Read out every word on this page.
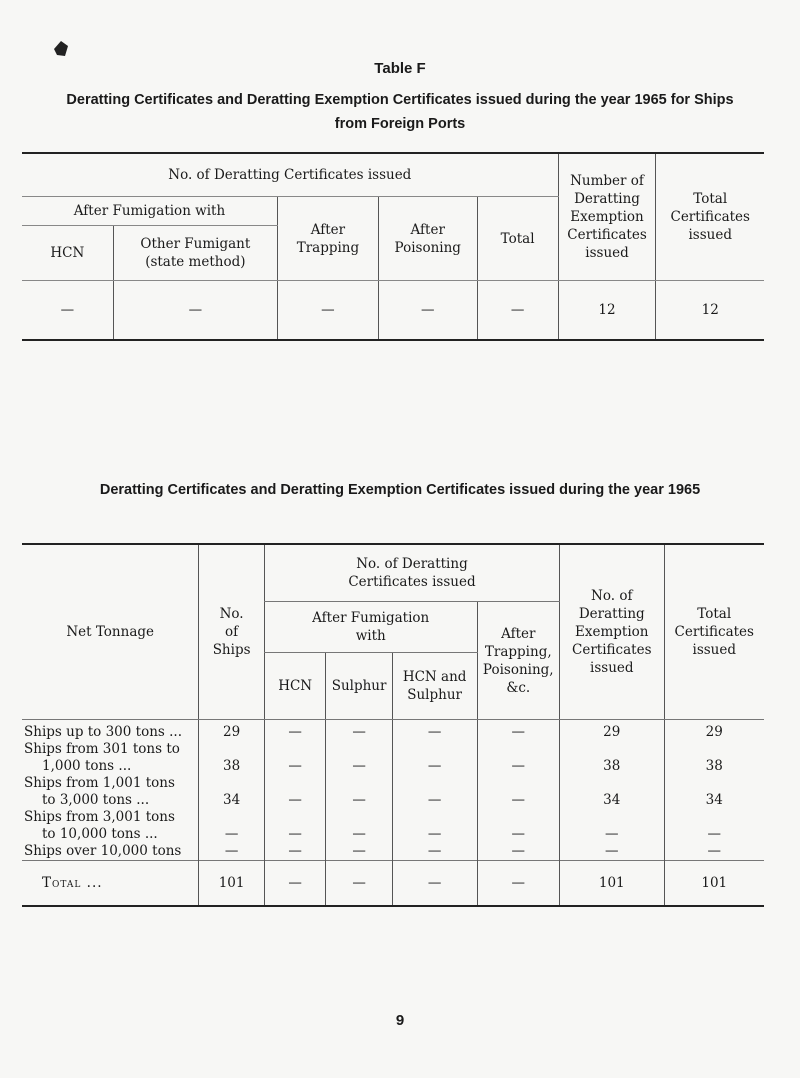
Table F
Deratting Certificates and Deratting Exemption Certificates issued during the year 1965 for Ships from Foreign Ports
No. of Deratting Certificates issued					Number of Deratting Exemption Certificates issued	Total Certificates issued
After Fumigation with		After Trapping	After Poisoning	Total		
HCN	Other Fumigant (state method)					
—	—	—	—	—	12	12
Deratting Certificates and Deratting Exemption Certificates issued during the year 1965
Net Tonnage	No. of Ships	No. of Deratting Certificates issued				No. of Deratting Exemption Certificates issued	Total Certificates issued
		After Fumigation with			After Trapping, Poisoning, &c.		
		HCN	Sulphur	HCN and Sulphur			

Ships up to 300 tons ...	29	—	—	—	—	29	29

Ships from 301 tons to
1,000 tons ...	38	—	—	—	—	38	38

Ships from 1,001 tons
to 3,000 tons ...	34	—	—	—	—	34	34

Ships from 3,001 tons
to 10,000 tons ...	—	—	—	—	—	—	—

Ships over 10,000 tons	—	—	—	—	—	—	—
Total ...	101	—	—	—	—	101	101
9
